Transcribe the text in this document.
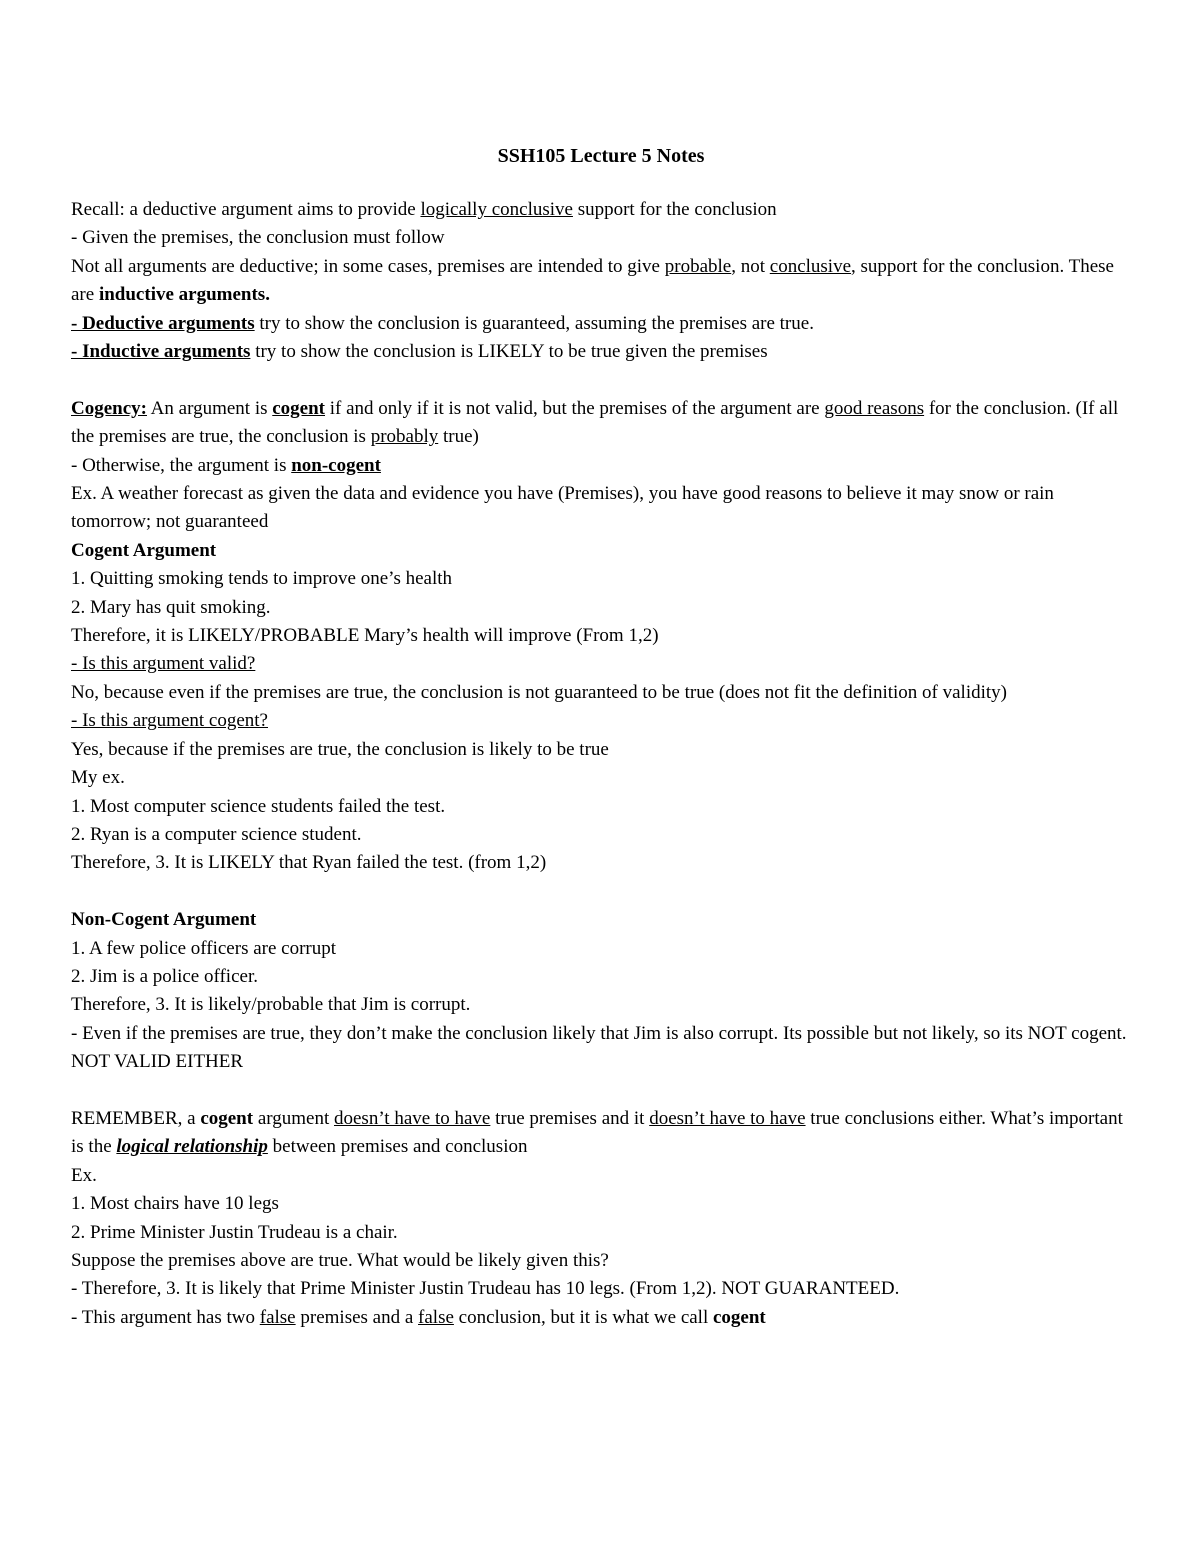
SSH105 Lecture 5 Notes

Recall: a deductive argument aims to provide logically conclusive support for the conclusion

- Given the premises, the conclusion must follow

Not all arguments are deductive; in some cases, premises are intended to give probable, not conclusive, support for the conclusion. These are inductive arguments.

- Deductive arguments try to show the conclusion is guaranteed, assuming the premises are true.

- Inductive arguments try to show the conclusion is LIKELY to be true given the premises

Cogency: An argument is cogent if and only if it is not valid, but the premises of the argument are good reasons for the conclusion. (If all the premises are true, the conclusion is probably true)

- Otherwise, the argument is non-cogent

Ex. A weather forecast as given the data and evidence you have (Premises), you have good reasons to believe it may snow or rain tomorrow; not guaranteed

Cogent Argument

1. Quitting smoking tends to improve one’s health

2. Mary has quit smoking.

Therefore, it is LIKELY/PROBABLE Mary’s health will improve (From 1,2)

- Is this argument valid?

No, because even if the premises are true, the conclusion is not guaranteed to be true (does not fit the definition of validity)

- Is this argument cogent?

Yes, because if the premises are true, the conclusion is likely to be true

My ex.

1. Most computer science students failed the test.

2. Ryan is a computer science student.

Therefore, 3. It is LIKELY that Ryan failed the test. (from 1,2)

Non-Cogent Argument

1. A few police officers are corrupt

2. Jim is a police officer.

Therefore, 3. It is likely/probable that Jim is corrupt.

- Even if the premises are true, they don’t make the conclusion likely that Jim is also corrupt. Its possible but not likely, so its NOT cogent. NOT VALID EITHER

REMEMBER, a cogent argument doesn’t have to have true premises and it doesn’t have to have true conclusions either. What’s important is the logical relationship between premises and conclusion

Ex.

1. Most chairs have 10 legs

2. Prime Minister Justin Trudeau is a chair.

Suppose the premises above are true. What would be likely given this?

- Therefore, 3. It is likely that Prime Minister Justin Trudeau has 10 legs. (From 1,2). NOT GUARANTEED.

- This argument has two false premises and a false conclusion, but it is what we call cogent
